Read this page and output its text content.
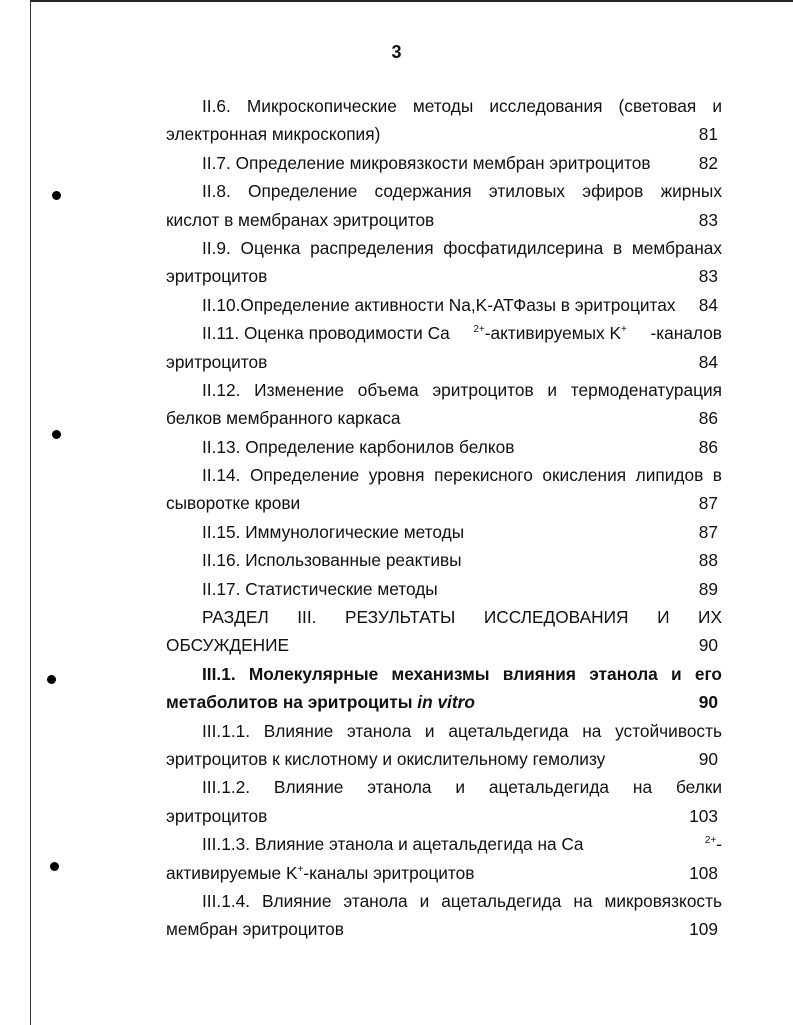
3
II.6. Микроскопические методы исследования (световая и
электронная микроскопия)	81
II.7. Определение микровязкости мембран эритроцитов	82
II.8. Определение содержания этиловых эфиров жирных
кислот в мембранах эритроцитов	83
II.9. Оценка распределения фосфатидилсерина в мембранах
эритроцитов	83
II.10.Определение активности Na,K-АТФазы в эритроцитах 84
II.11. Оценка проводимости Ca $^{2+}$-активируемых K+ -каналов
эритроцитов	84
II.12. Изменение объема эритроцитов и термоденатурация
белков мембранного каркаса	86
II.13. Определение карбонилов белков	86
II.14. Определение уровня перекисного окисления липидов в
сыворотке крови	87
II.15. Иммунологические методы	87
II.16. Использованные реактивы	88
II.17. Статистические методы	89
РАЗДЕЛ III. РЕЗУЛЬТАТЫ ИССЛЕДОВАНИЯ И ИХ
ОБСУЖДЕНИЕ	90
III.1. Молекулярные механизмы влияния этанола и его
метаболитов на эритроциты in vitro	90
III.1.1. Влияние этанола и ацетальдегида на устойчивость
эритроцитов к кислотному и окислительному гемолизу	90
III.1.2. Влияние этанола и ацетальдегида на белки
эритроцитов	103
III.1.3. Влияние этанола и ацетальдегида на Ca	$^{2+}$-
активируемые K+-каналы эритроцитов	108
III.1.4. Влияние этанола и ацетальдегида на микровязкость
мембран эритроцитов	109
